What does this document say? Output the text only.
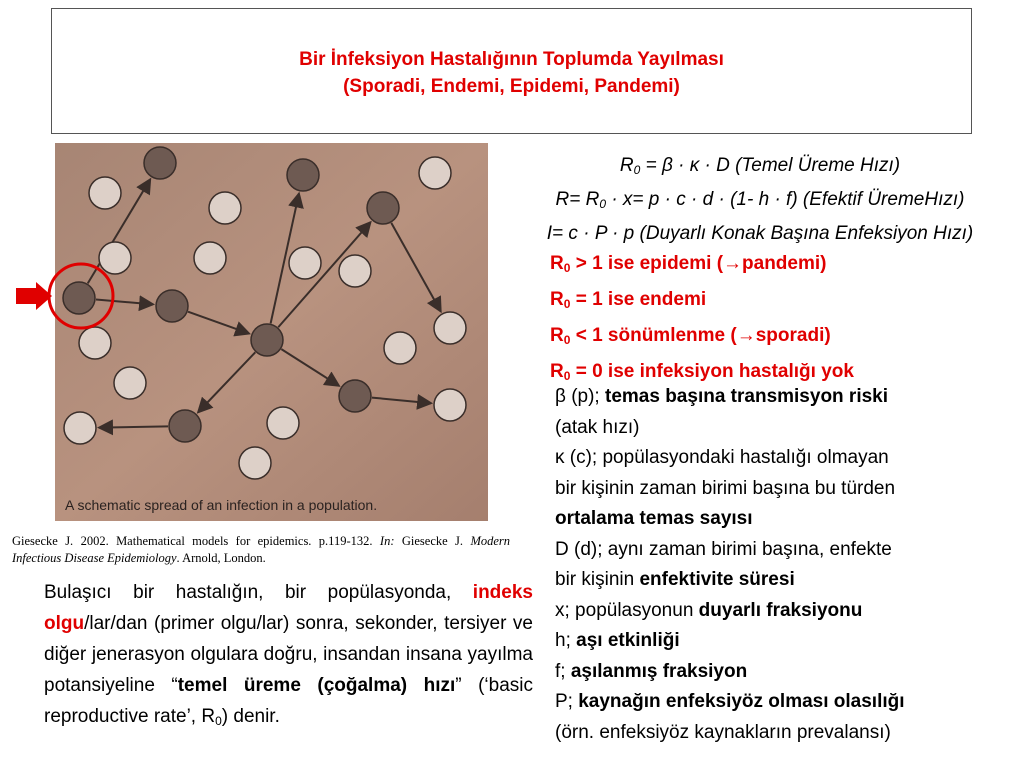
Bir İnfeksiyon Hastalığının Toplumda Yayılması
(Sporadi, Endemi, Epidemi, Pandemi)
A schematic spread of an infection in a population.
Giesecke J. 2002. Mathematical models for epidemics. p.119-132. In: Giesecke J. Modern Infectious Disease Epidemiology. Arnold, London.
$R_0 = \beta \cdot \kappa \cdot D$ (Temel Üreme Hızı)
$R= R_0 \cdot x= p \cdot c \cdot d \cdot (1-$ h · f) (Efektif ÜremeHızı)
I= c · P · p (Duyarlı Konak Başına Enfeksiyon Hızı)
$R_0 > 1$ ise epidemi (→pandemi)
$R_0 = 1$ ise endemi
$R_0 < 1$ sönümlenme (→sporadi)
$R_0 = 0$ ise infeksiyon hastalığı yok
β (p); temas başına transmisyon riski
(atak hızı)
κ (c); popülasyondaki hastalığı olmayan
bir kişinin zaman birimi başına bu türden
ortalama temas sayısı
D (d); aynı zaman birimi başına, enfekte
bir kişinin enfektivite süresi
x; popülasyonun duyarlı fraksiyonu
h; aşı etkinliği
f; aşılanmış fraksiyon
P; kaynağın enfeksiyöz olması olasılığı
(örn. enfeksiyöz kaynakların prevalansı)
Bulaşıcı bir hastalığın, bir popülasyonda, indeks olgu/lar/dan (primer olgu/lar) sonra, sekonder, tersiyer ve diğer jenerasyon olgulara doğru, insandan insana yayılma potansiyeline “temel üreme (çoğalma) hızı” (‘basic reproductive rate’, $R_0$) denir.
